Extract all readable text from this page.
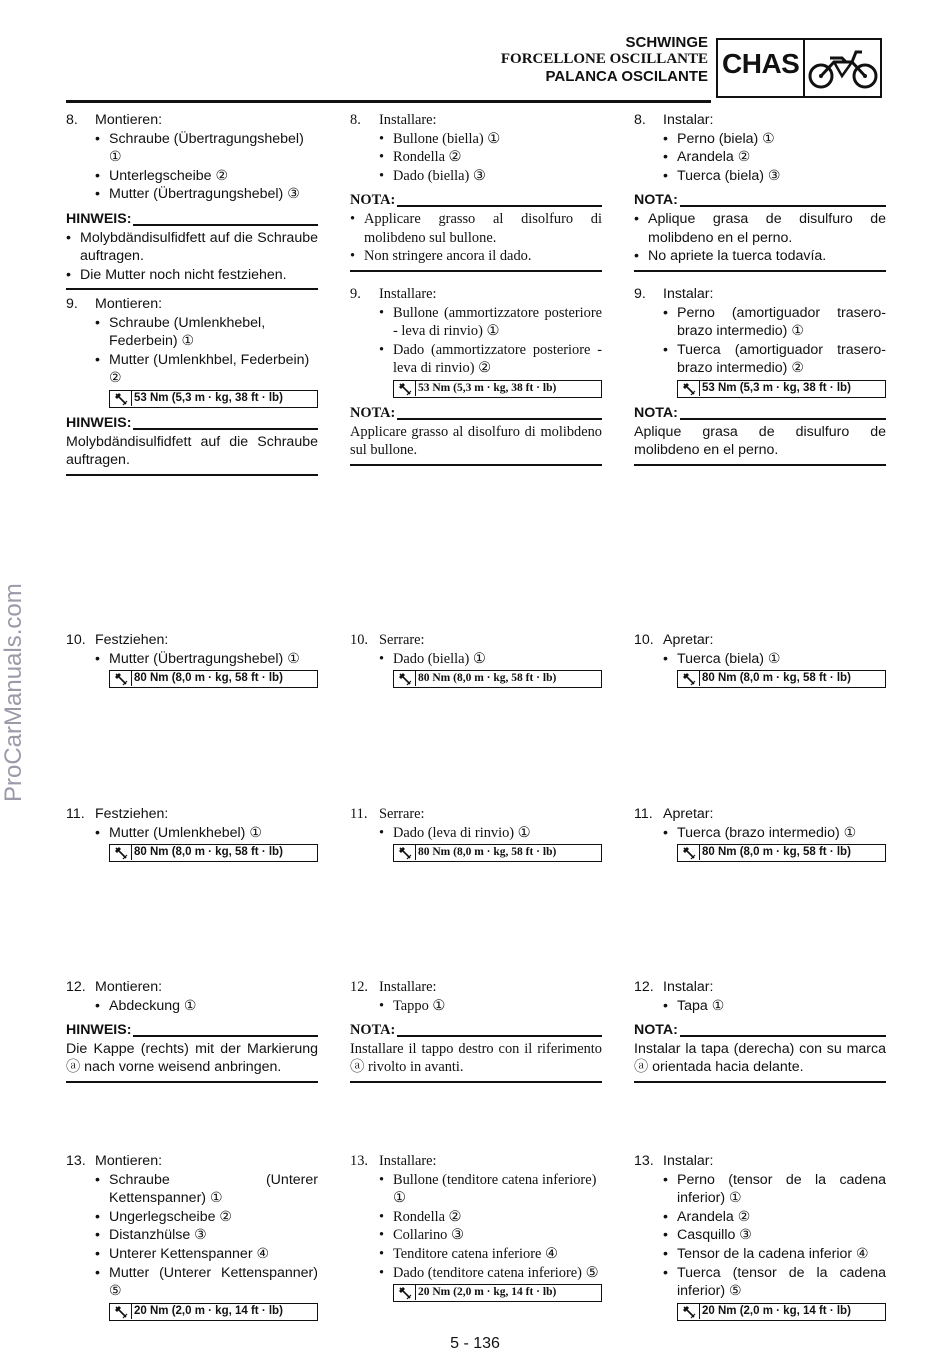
SCHWINGE
FORCELLONE OSCILLANTE
PALANCA OSCILANTE CHAS
ProCarManuals.com
8.	Montieren:
• Schraube (Übertragungshebel) ①
• Unterlegscheibe ②
• Mutter (Übertragungshebel) ③
HINWEIS:
• Molybdändisulfidfett auf die Schraube auftragen.
• Die Mutter noch nicht festziehen.
9.	Montieren:
• Schraube (Umlenkhebel, Federbein) ①
• Mutter (Umlenkhbel, Federbein) ②
53 Nm (5,3 m · kg, 38 ft · lb)
HINWEIS:

Molybdändisulfidfett auf die Schraube auftragen.

10. Festziehen:
• Mutter (Übertragungshebel) ①
80 Nm (8,0 m · kg, 58 ft · lb)
11. Festziehen:
• Mutter (Umlenkhebel) ①
80 Nm (8,0 m · kg, 58 ft · lb)
12. Montieren:
• Abdeckung ①
HINWEIS:

Die Kappe (rechts) mit der Markierung ⓐ nach vorne weisend anbringen.

13. Montieren:
• Schraube (Unterer Kettenspanner) ①
• Ungerlegscheibe ②
• Distanzhülse ③
• Unterer Kettenspanner ④
• Mutter (Unterer Kettenspanner) ⑤
20 Nm (2,0 m · kg, 14 ft · lb)
8.	Installare:
• Bullone (biella) ①
• Rondella ②
• Dado (biella) ③
NOTA:
• Applicare grasso al disolfuro di molibdeno sul bullone.
• Non stringere ancora il dado.
9.	Installare:
• Bullone (ammortizzatore posteriore - leva di rinvio) ①
• Dado (ammortizzatore posteriore - leva di rinvio) ②
53 Nm (5,3 m · kg, 38 ft · lb)
NOTA:

Applicare grasso al disolfuro di molibdeno sul bullone.

10. Serrare:
• Dado (biella) ①
80 Nm (8,0 m · kg, 58 ft · lb)
11. Serrare:
• Dado (leva di rinvio) ①
80 Nm (8,0 m · kg, 58 ft · lb)
12. Installare:
• Tappo ①
NOTA:

Installare il tappo destro con il riferimento ⓐ rivolto in avanti.

13. Installare:
• Bullone (tenditore catena inferiore) ①
• Rondella ②
• Collarino ③
• Tenditore catena inferiore ④
• Dado (tenditore catena inferiore) ⑤
20 Nm (2,0 m · kg, 14 ft · lb)
8.	Instalar:
• Perno (biela) ①
• Arandela ②
• Tuerca (biela) ③
NOTA:
• Aplique grasa de disulfuro de molibdeno en el perno.
• No apriete la tuerca todavía.
9.	Instalar:
• Perno (amortiguador trasero-brazo intermedio) ①
• Tuerca (amortiguador trasero-brazo intermedio) ②
53 Nm (5,3 m · kg, 38 ft · lb)
NOTA:

Aplique grasa de disulfuro de molibdeno en el perno.

10. Apretar:
• Tuerca (biela) ①
80 Nm (8,0 m · kg, 58 ft · lb)
11. Apretar:
• Tuerca (brazo intermedio) ①
80 Nm (8,0 m · kg, 58 ft · lb)
12. Instalar:
• Tapa ①
NOTA:

Instalar la tapa (derecha) con su marca ⓐ orientada hacia delante.

13. Instalar:
• Perno (tensor de la cadena inferior) ①
• Arandela ②
• Casquillo ③
• Tensor de la cadena inferior ④
• Tuerca (tensor de la cadena inferior) ⑤
20 Nm (2,0 m · kg, 14 ft · lb)
5 - 136
